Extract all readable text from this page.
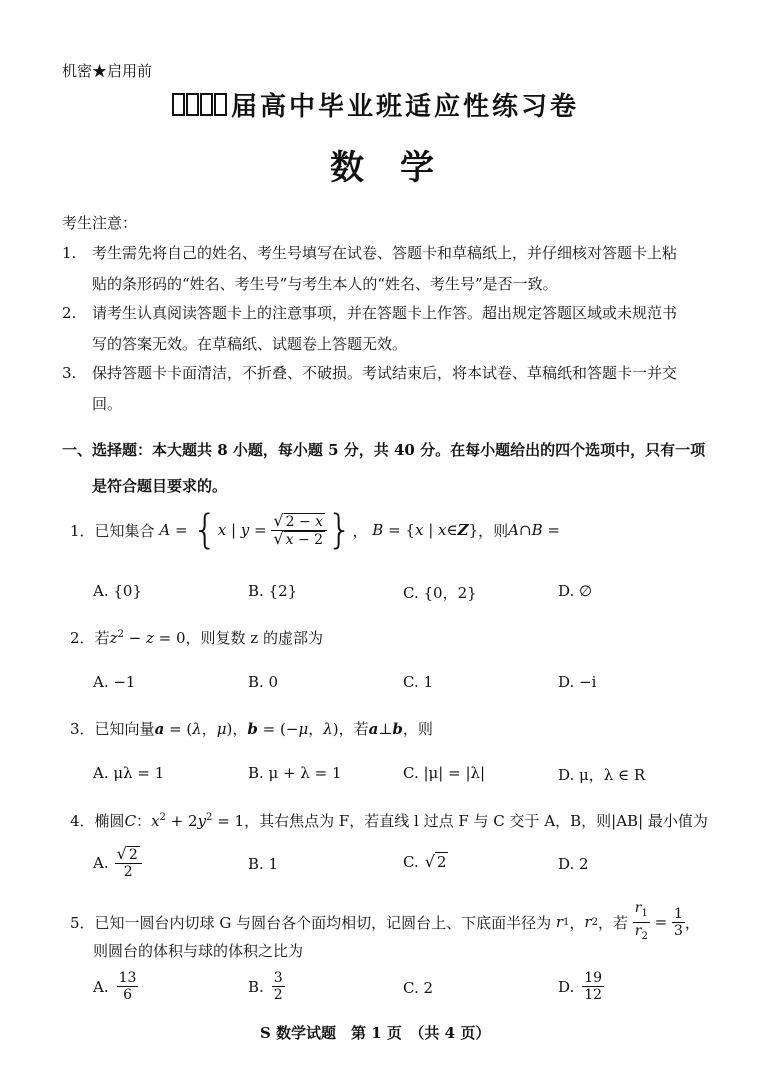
机密★启用前
届高中毕业班适应性练习卷
数学
考生注意：
1. 考生需先将自己的姓名、考生号填写在试卷、答题卡和草稿纸上，并仔细核对答题卡上粘
贴的条形码的“姓名、考生号”与考生本人的“姓名、考生号”是否一致。
2. 请考生认真阅读答题卡上的注意事项，并在答题卡上作答。超出规定答题区域或未规范书
写的答案无效。在草稿纸、试题卷上答题无效。
3. 保持答题卡卡面清洁，不折叠、不破损。考试结束后，将本试卷、草稿纸和答题卡一并交
回。
一、选择题：本大题共 8 小题，每小题 5 分，共 40 分。在每小题给出的四个选项中，只有一项
是符合题目要求的。
1． 已知集合 A = { x | $y = \frac{√ 2 - x}{√ x - 2}$ } ，
B = { x | x ∈ Z } ，则 A ∩ B =
A. {0}	B. {2}	C. {0，2}	D. ∅
2．若$z^2 - z = 0$，则复数 z 的虚部为
A. −1	B. 0	C. 1	D. −i
3．已知向量a = (λ，μ)，b = (−μ，λ)，若a⊥b，则
A. μλ = 1	B. μ + λ = 1	C. |μ| = |λ|	D. μ，λ ∈ R
4．椭圆C：$x^2 + 2y^2 = 1$，其右焦点为 F，若直线 l 过点 F 与 C 交于 A，B，则|AB| 最小值为
A. $\frac{√ 2}{2}$	B. 1	C. √ 2	D. 2
5． 已知一圆台内切球 G 与圆台各个面均相切，记圆台上、下底面半径为
r 1 ， r 2 ，若 $\frac{r_1}{r_2} = \frac{1}{3}$ ，
则圆台的体积与球的体积之比为
A. $\frac{13}{6}$	B. $\frac{3}{2}$	C. 2	D. $\frac{19}{12}$
S 数学试题　第 1 页　（共 4 页）
